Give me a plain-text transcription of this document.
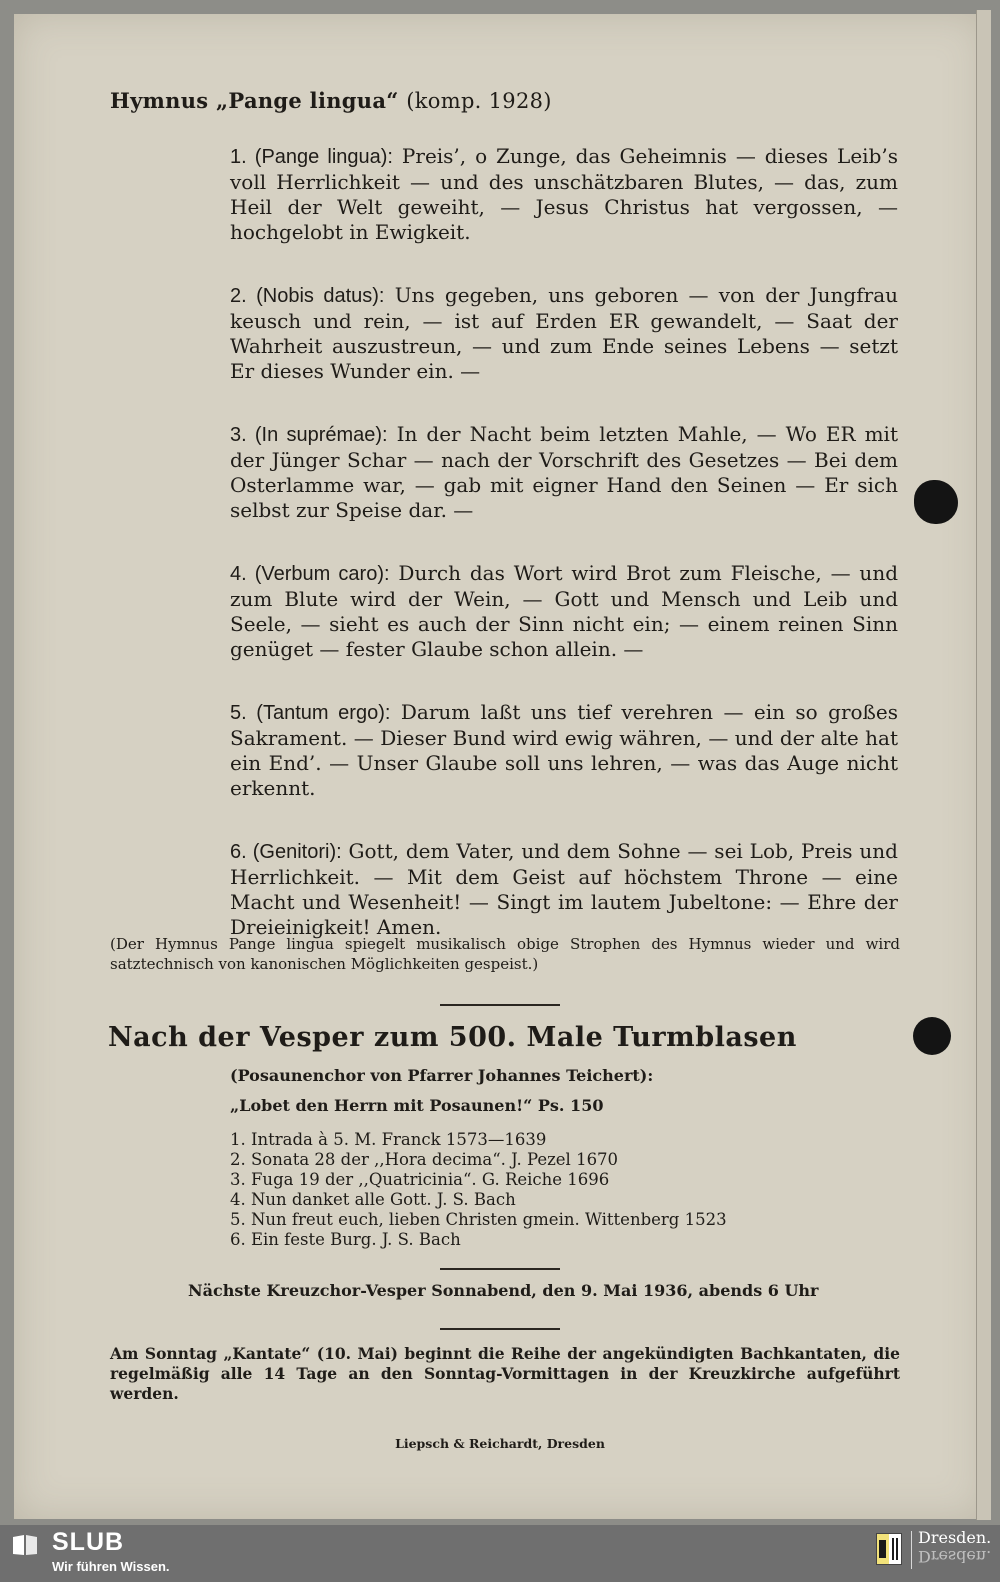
Hymnus „Pange lingua“ (komp. 1928)

1. (Pange lingua): Preis’, o Zunge, das Geheimnis — dieses Leib’s voll Herrlichkeit — und des unschätzbaren Blutes, — das, zum Heil der Welt geweiht, — Jesus Christus hat vergossen, — hochgelobt in Ewigkeit.

2. (Nobis datus): Uns gegeben, uns geboren — von der Jungfrau keusch und rein, — ist auf Erden ER gewandelt, — Saat der Wahrheit auszustreun, — und zum Ende seines Lebens — setzt Er dieses Wunder ein. —

3. (In suprémae): In der Nacht beim letzten Mahle, — Wo ER mit der Jünger Schar — nach der Vorschrift des Gesetzes — Bei dem Osterlamme war, — gab mit eigner Hand den Seinen — Er sich selbst zur Speise dar. —

4. (Verbum caro): Durch das Wort wird Brot zum Fleische, — und zum Blute wird der Wein, — Gott und Mensch und Leib und Seele, — sieht es auch der Sinn nicht ein; — einem reinen Sinn genüget — fester Glaube schon allein. —

5. (Tantum ergo): Darum laßt uns tief verehren — ein so großes Sakrament. — Dieser Bund wird ewig währen, — und der alte hat ein End’. — Unser Glaube soll uns lehren, — was das Auge nicht erkennt.

6. (Genitori): Gott, dem Vater, und dem Sohne — sei Lob, Preis und Herrlichkeit. — Mit dem Geist auf höchstem Throne — eine Macht und Wesenheit! — Singt im lautem Jubeltone: — Ehre der Dreieinigkeit! Amen.

(Der Hymnus Pange lingua spiegelt musikalisch obige Strophen des Hymnus wieder und wird satztechnisch von kanonischen Möglichkeiten gespeist.)
Nach der Vesper zum 500. Male Turmblasen
(Posaunenchor von Pfarrer Johannes Teichert):
„Lobet den Herrn mit Posaunen!“ Ps. 150
1. Intrada à 5. M. Franck 1573—1639
2. Sonata 28 der ,,Hora decima“. J. Pezel 1670
3. Fuga 19 der ,,Quatricinia“. G. Reiche 1696
4. Nun danket alle Gott. J. S. Bach
5. Nun freut euch, lieben Christen gmein. Wittenberg 1523
6. Ein feste Burg. J. S. Bach
Nächste Kreuzchor-Vesper Sonnabend, den 9. Mai 1936, abends 6 Uhr
Am Sonntag „Kantate“ (10. Mai) beginnt die Reihe der angekündigten Bachkantaten, die regelmäßig alle 14 Tage an den Sonntag-Vormittagen in der Kreuzkirche aufgeführt werden.
Liepsch & Reichardt, Dresden
SLUB
Wir führen Wissen.
Dresden.
Dresden.
